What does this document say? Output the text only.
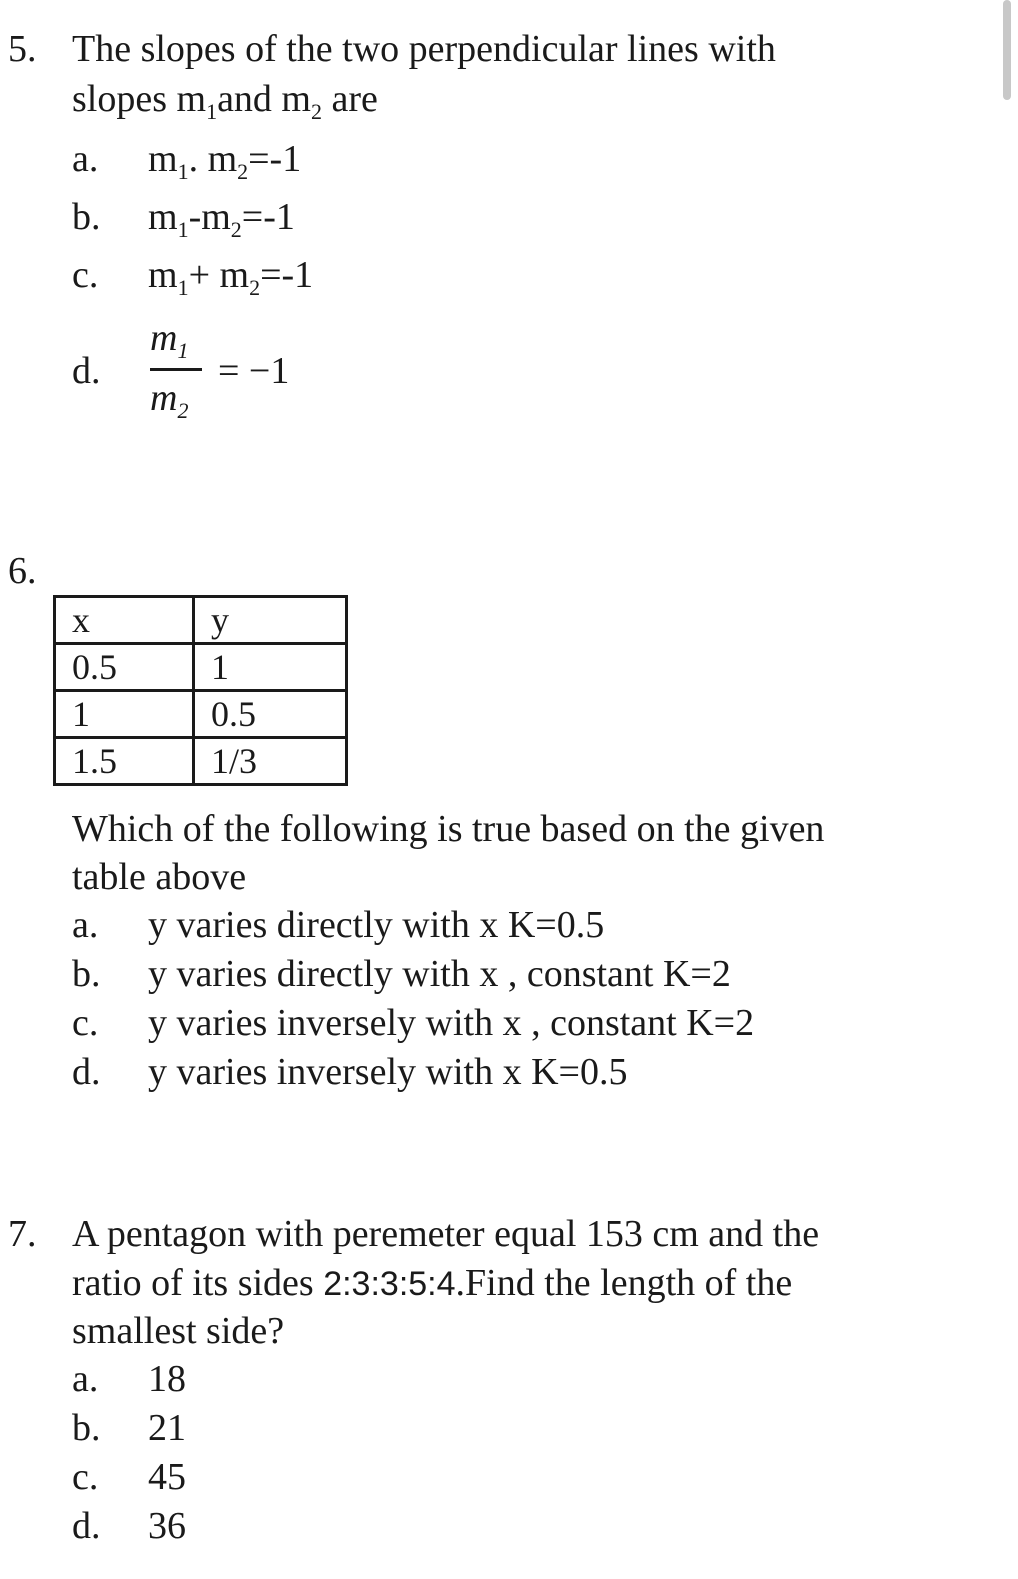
5. The slopes of the two perpendicular lines with
slopes $m_1and$ $m_2$ are
a. $m_1$. $m_2=-1$
b. $m_1-m_2=-1$
c. $m_1+ m_2=-1$
d.
$m_1$
$m_2$
= −1
6.
x	y
0.5	1
1	0.5
1.5	1/3
Which of the following is true based on the given
table above
a. y varies directly with x K=0.5
b. y varies directly with x , constant K=2
c. y varies inversely with x , constant K=2
d. y varies inversely with x K=0.5
7. A pentagon with peremeter equal 153 cm and the
ratio of its sides 2:3:3:5:4.Find the length of the
smallest side?
a. 18
b. 21
c. 45
d. 36
